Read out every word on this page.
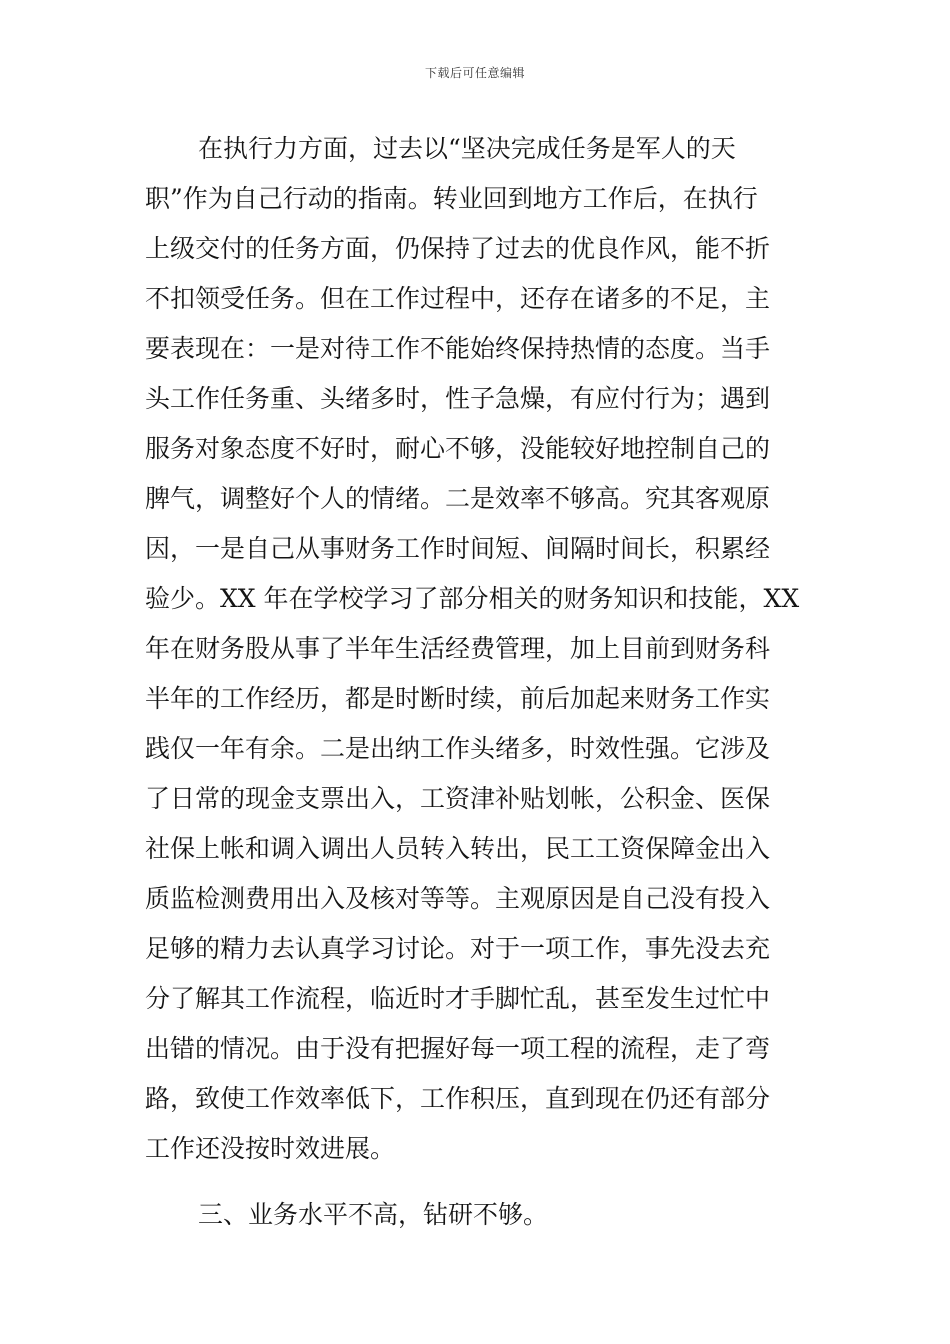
下载后可任意编辑
在执行力方面，过去以“坚决完成任务是军人的天
职”作为自己行动的指南。转业回到地方工作后，在执行
上级交付的任务方面，仍保持了过去的优良作风，能不折
不扣领受任务。但在工作过程中，还存在诸多的不足，主
要表现在：一是对待工作不能始终保持热情的态度。当手
头工作任务重、头绪多时，性子急燥，有应付行为；遇到
服务对象态度不好时，耐心不够，没能较好地控制自己的
脾气，调整好个人的情绪。二是效率不够高。究其客观原
因，一是自己从事财务工作时间短、间隔时间长，积累经
验少。XX 年在学校学习了部分相关的财务知识和技能，XX
年在财务股从事了半年生活经费管理，加上目前到财务科
半年的工作经历，都是时断时续，前后加起来财务工作实
践仅一年有余。二是出纳工作头绪多，时效性强。它涉及
了日常的现金支票出入，工资津补贴划帐，公积金、医保
社保上帐和调入调出人员转入转出，民工工资保障金出入
质监检测费用出入及核对等等。主观原因是自己没有投入
足够的精力去认真学习讨论。对于一项工作，事先没去充
分了解其工作流程，临近时才手脚忙乱，甚至发生过忙中
出错的情况。由于没有把握好每一项工程的流程，走了弯
路，致使工作效率低下，工作积压，直到现在仍还有部分
工作还没按时效进展。
三、业务水平不高，钻研不够。
